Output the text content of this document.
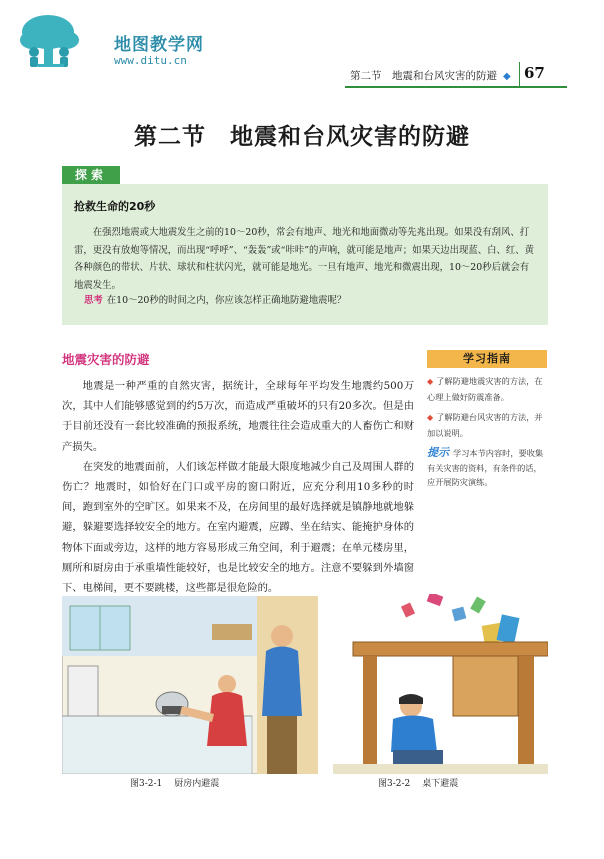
地图教学网
www.ditu.cn
第二节　地震和台风灾害的防避 ◆ 67
第二节　地震和台风灾害的防避
探索
抢救生命的20秒
在强烈地震或大地震发生之前的10～20秒，常会有地声、地光和地面微动等先兆出现。如果没有刮风、打雷，更没有放炮等情况，而出现“呼呼”、“轰轰”或“咔咔”的声响，就可能是地声；如果天边出现蓝、白、红、黄各种颜色的带状、片状、球状和柱状闪光，就可能是地光。一旦有地声、地光和微震出现，10～20秒后就会有地震发生。
思考 在10～20秒的时间之内，你应该怎样正确地防避地震呢？
地震灾害的防避

地震是一种严重的自然灾害，据统计，全球每年平均发生地震约500万次，其中人们能够感觉到的约5万次，而造成严重破坏的只有20多次。但是由于目前还没有一套比较准确的预报系统，地震往往会造成重大的人畜伤亡和财产损失。

在突发的地震面前，人们该怎样做才能最大限度地减少自己及周围人群的伤亡？地震时，如恰好在门口或平房的窗口附近，应充分利用10多秒的时间，跑到室外的空旷区。如果来不及，在房间里的最好选择就是镇静地就地躲避，躲避要选择较安全的地方。在室内避震，应蹲、坐在结实、能掩护身体的物体下面或旁边，这样的地方容易形成三角空间，利于避震；在单元楼房里，厕所和厨房由于承重墙性能较好，也是比较安全的地方。注意不要躲到外墙窗下、电梯间，更不要跳楼，这些都是很危险的。

学习指南
◆ 了解防避地震灾害的方法，在心理上做好防震准备。
◆ 了解防避台风灾害的方法，并加以说明。
提示 学习本节内容时，要收集有关灾害的资料，有条件的话，应开展防灾演练。
图3-2-1 厨房内避震	图3-2-2 桌下避震
